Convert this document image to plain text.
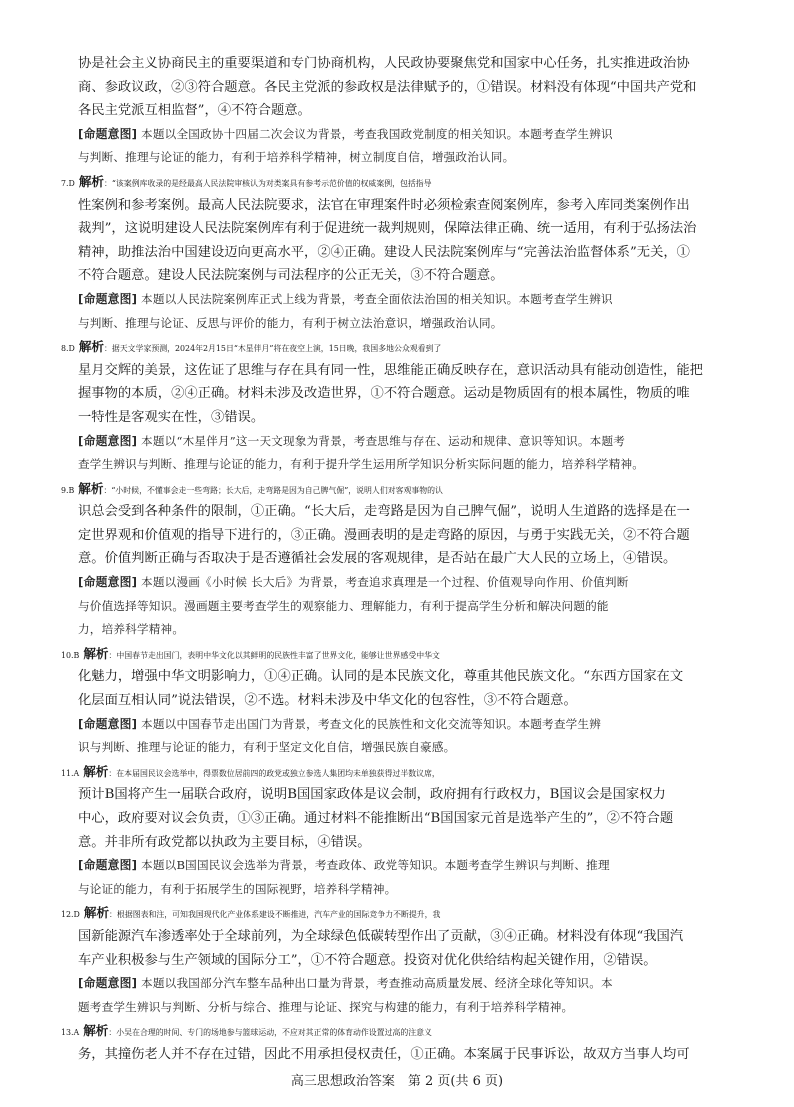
协是社会主义协商民主的重要渠道和专门协商机构，人民政协要聚焦党和国家中心任务，扎实推进政治协
商、参政议政，②③符合题意。各民主党派的参政权是法律赋予的，①错误。材料没有体现“中国共产党和
各民主党派互相监督”，④不符合题意。
[命题意图] 本题以全国政协十四届二次会议为背景，考查我国政党制度的相关知识。本题考查学生辨识
与判断、推理与论证的能力，有利于培养科学精神，树立制度自信，增强政治认同。
7.D  解析：“该案例库收录的是经最高人民法院审核认为对类案具有参考示范价值的权威案例，包括指导
性案例和参考案例。最高人民法院要求，法官在审理案件时必须检索查阅案例库，参考入库同类案例作出
裁判”，这说明建设人民法院案例库有利于促进统一裁判规则，保障法律正确、统一适用，有利于弘扬法治
精神，助推法治中国建设迈向更高水平，②④正确。建设人民法院案例库与“完善法治监督体系”无关，①
不符合题意。建设人民法院案例与司法程序的公正无关，③不符合题意。
[命题意图] 本题以人民法院案例库正式上线为背景，考查全面依法治国的相关知识。本题考查学生辨识
与判断、推理与论证、反思与评价的能力，有利于树立法治意识，增强政治认同。
8.D  解析：据天文学家预测，2024年2月15日“木星伴月”将在夜空上演，15日晚，我国多地公众观看到了
星月交辉的美景，这佐证了思维与存在具有同一性，思维能正确反映存在，意识活动具有能动创造性，能把
握事物的本质，②④正确。材料未涉及改造世界，①不符合题意。运动是物质固有的根本属性，物质的唯
一特性是客观实在性，③错误。
[命题意图] 本题以“木星伴月”这一天文现象为背景，考查思维与存在、运动和规律、意识等知识。本题考
查学生辨识与判断、推理与论证的能力，有利于提升学生运用所学知识分析实际问题的能力，培养科学精神。
9.B  解析：“小时候，不懂事会走一些弯路；长大后，走弯路是因为自己脾气倔”，说明人们对客观事物的认
识总会受到各种条件的限制，①正确。“长大后，走弯路是因为自己脾气倔”，说明人生道路的选择是在一
定世界观和价值观的指导下进行的，③正确。漫画表明的是走弯路的原因，与勇于实践无关，②不符合题
意。价值判断正确与否取决于是否遵循社会发展的客观规律，是否站在最广大人民的立场上，④错误。
[命题意图] 本题以漫画《小时候 长大后》为背景，考查追求真理是一个过程、价值观导向作用、价值判断
与价值选择等知识。漫画题主要考查学生的观察能力、理解能力，有利于提高学生分析和解决问题的能
力，培养科学精神。
10.B  解析：中国春节走出国门，表明中华文化以其鲜明的民族性丰富了世界文化，能够让世界感受中华文
化魅力，增强中华文明影响力，①④正确。认同的是本民族文化，尊重其他民族文化。“东西方国家在文
化层面互相认同”说法错误，②不选。材料未涉及中华文化的包容性，③不符合题意。
[命题意图] 本题以中国春节走出国门为背景，考查文化的民族性和文化交流等知识。本题考查学生辨
识与判断、推理与论证的能力，有利于坚定文化自信，增强民族自豪感。
11.A  解析：在本届国民议会选举中，得票数位居前四的政党或独立参选人集团均未单独获得过半数议席，
预计B国将产生一届联合政府，说明B国国家政体是议会制，政府拥有行政权力，B国议会是国家权力
中心，政府要对议会负责，①③正确。通过材料不能推断出“B国国家元首是选举产生的”，②不符合题
意。并非所有政党都以执政为主要目标，④错误。
[命题意图] 本题以B国国民议会选举为背景，考查政体、政党等知识。本题考查学生辨识与判断、推理
与论证的能力，有利于拓展学生的国际视野，培养科学精神。
12.D  解析：根据图表和注，可知我国现代化产业体系建设不断推进，汽车产业的国际竞争力不断提升，我
国新能源汽车渗透率处于全球前列，为全球绿色低碳转型作出了贡献，③④正确。材料没有体现“我国汽
车产业积极参与生产领域的国际分工”，①不符合题意。投资对优化供给结构起关键作用，②错误。
[命题意图] 本题以我国部分汽车整车品种出口量为背景，考查推动高质量发展、经济全球化等知识。本
题考查学生辨识与判断、分析与综合、推理与论证、探究与构建的能力，有利于培养科学精神。
13.A  解析：小吴在合理的时间、专门的场地参与篮球运动，不应对其正常的体育动作设置过高的注意义
务，其撞伤老人并不存在过错，因此不用承担侵权责任，①正确。本案属于民事诉讼，故双方当事人均可
高三思想政治答案　第 2 页(共 6 页)
